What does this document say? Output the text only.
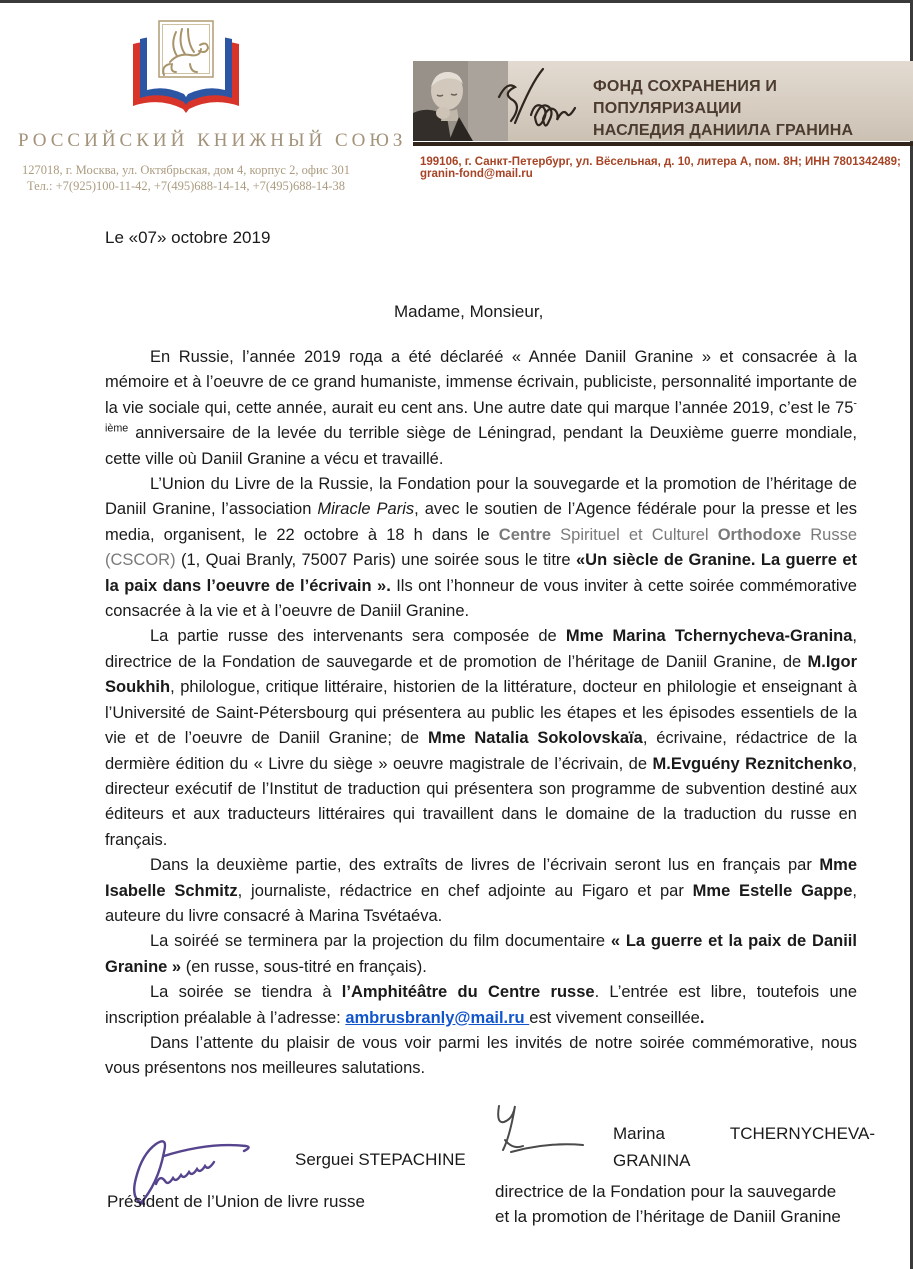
РОССИЙСКИЙ КНИЖНЫЙ СОЮЗ
127018, г. Москва, ул. Октябрьская, дом 4, корпус 2, офис 301
Тел.: +7(925)100-11-42, +7(495)688-14-14, +7(495)688-14-38
ФОНД СОХРАНЕНИЯ И ПОПУЛЯРИЗАЦИИ
НАСЛЕДИЯ ДАНИИЛА ГРАНИНА
199106, г. Санкт-Петербург, ул. Вёсельная, д. 10, литера А, пом. 8Н; ИНН 7801342489; granin-fond@mail.ru
Le «07» octobre 2019
Madame, Monsieur,

En Russie, l’année 2019 года a été déclaréé « Année Daniil Granine » et consacrée à la mémoire et à l’oeuvre de ce grand humaniste, immense écrivain, publiciste, personnalité importante de la vie sociale qui, cette année, aurait eu cent ans. Une autre date qui marque l’année 2019, c’est le $75^{-ième}$ anniversaire de la levée du terrible siège de Léningrad, pendant la Deuxième guerre mondiale, cette ville où Daniil Granine a vécu et travaillé.

L’Union du Livre de la Russie, la Fondation pour la souvegarde et la promotion de l’héritage de Daniil Granine, l’association Miracle Paris, avec le soutien de l’Agence fédérale pour la presse et les media, organisent, le 22 octobre à 18 h dans le Centre Spirituel et Culturel Orthodoxe Russe (CSCOR) (1, Quai Branly, 75007 Paris) une soirée sous le titre «Un siècle de Granine. La guerre et la paix dans l’oeuvre de l’écrivain ». Ils ont l’honneur de vous inviter à cette soirée commémorative consacrée à la vie et à l’oeuvre de Daniil Granine.

La partie russe des intervenants sera composée de Mme Marina Tchernycheva-Granina, directrice de la Fondation de sauvegarde et de promotion de l’héritage de Daniil Granine, de M.Igor Soukhih, philologue, critique littéraire, historien de la littérature, docteur en philologie et enseignant à l’Université de Saint-Pétersbourg qui présentera au public les étapes et les épisodes essentiels de la vie et de l’oeuvre de Daniil Granine; de Mme Natalia Sokolovskaïa, écrivaine, rédactrice de la dermière édition du « Livre du siège » oeuvre magistrale de l’écrivain, de M.Evguény Reznitchenko, directeur exécutif de l’Institut de traduction qui présentera son programme de subvention destiné aux éditeurs et aux traducteurs littéraires qui travaillent dans le domaine de la traduction du russe en français.

Dans la deuxième partie, des extraîts de livres de l’écrivain seront lus en français par Mme Isabelle Schmitz, journaliste, rédactrice en chef adjointe au Figaro et par Mme Estelle Gappe, auteure du livre consacré à Marina Tsvétaéva.

La soiréé se terminera par la projection du film documentaire « La guerre et la paix de Daniil Granine » (en russe, sous-titré en français).

La soirée se tiendra à l’Amphitéâtre du Centre russe. L’entrée est libre, toutefois une inscription préalable à l’adresse: ambrusbranly@mail.ru est vivement conseillée.

Dans l’attente du plaisir de vous voir parmi les invités de notre soirée commémorative, nous vous présentons nos meilleures salutations.

Serguei STEPACHINE
Président de l’Union de livre russe
Marina	TCHERNYCHEVA-
GRANINA
directrice de la Fondation pour la sauvegarde
et la promotion de l’héritage de Daniil Granine
